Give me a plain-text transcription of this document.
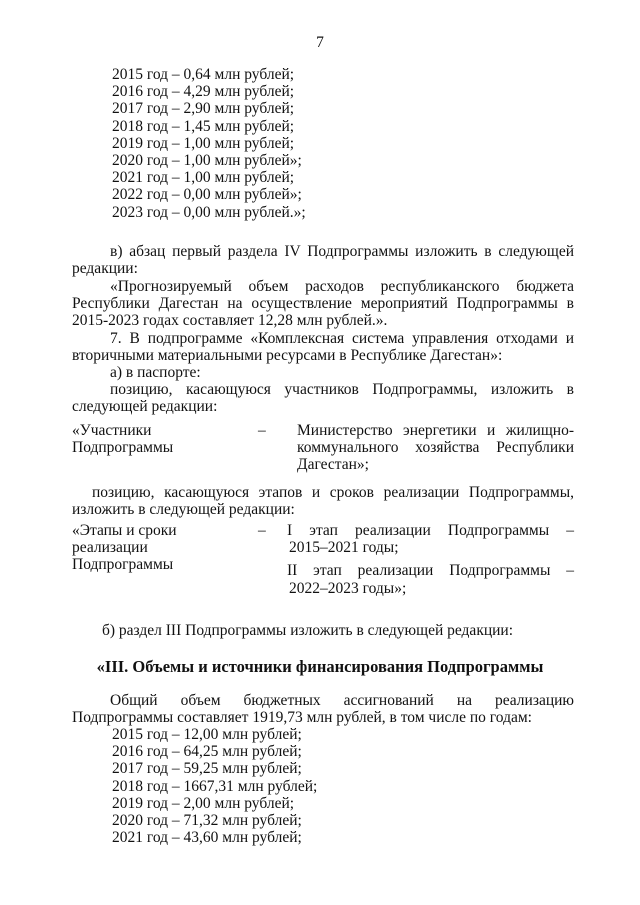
7
2015 год – 0,64 млн рублей;
2016 год – 4,29 млн рублей;
2017 год – 2,90 млн рублей;
2018 год – 1,45 млн рублей;
2019 год – 1,00 млн рублей;
2020 год – 1,00 млн рублей»;
2021 год – 1,00 млн рублей;
2022 год – 0,00 млн рублей»;
2023 год – 0,00 млн рублей.»;
в) абзац первый раздела IV Подпрограммы изложить в следующей
редакции:
«Прогнозируемый объем расходов республиканского бюджета
Республики Дагестан на осуществление мероприятий Подпрограммы в
2015-2023 годах составляет 12,28 млн рублей.».
7. В подпрограмме «Комплексная система управления отходами и
вторичными материальными ресурсами в Республике Дагестан»:
а) в паспорте:
позицию, касающуюся участников Подпрограммы, изложить в
следующей редакции:
«Участники
Подпрограммы
–	Министерство энергетики и жилищно-
коммунального хозяйства Республики
Дагестан»;
позицию, касающуюся этапов и сроков реализации Подпрограммы,
изложить в следующей редакции:
«Этапы и сроки
реализации
Подпрограммы
–	I этап реализации Подпрограммы –
2015–2021 годы;
II этап реализации Подпрограммы –
2022–2023 годы»;
б) раздел III Подпрограммы изложить в следующей редакции:
«III. Объемы и источники финансирования Подпрограммы
Общий объем бюджетных ассигнований на реализацию
Подпрограммы составляет 1919,73 млн рублей, в том числе по годам:
2015 год – 12,00 млн рублей;
2016 год – 64,25 млн рублей;
2017 год – 59,25 млн рублей;
2018 год – 1667,31 млн рублей;
2019 год – 2,00 млн рублей;
2020 год – 71,32 млн рублей;
2021 год – 43,60 млн рублей;
